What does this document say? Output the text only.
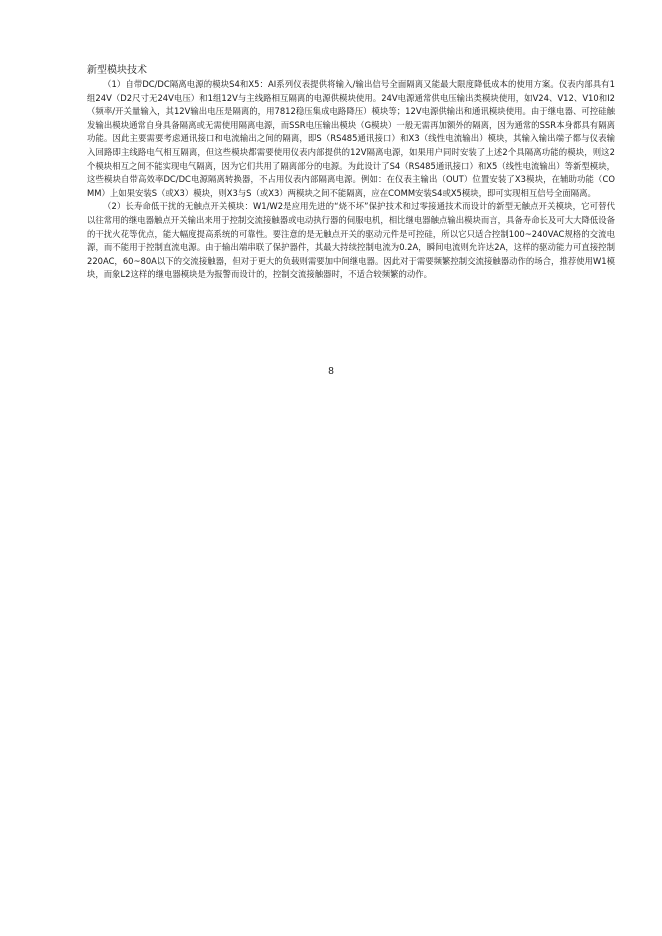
新型模块技术

（1）自带DC/DC隔离电源的模块S4和X5：AI系列仪表提供将输入/输出信号全面隔离又能最大限度降低成本的使用方案。仪表内部具有1组24V（D2尺寸无24V电压）和1组12V与主线路相互隔离的电源供模块使用。24V电源通常供电压输出类模块使用，如V24、V12、V10和I2（频率/开关量输入，其12V输出电压是隔离的，用7812稳压集成电路降压）模块等；12V电源供输出和通讯模块使用。由于继电器、可控硅触发输出模块通常自身具备隔离或无需使用隔离电源，而SSR电压输出模块（G模块）一般无需再加额外的隔离，因为通常的SSR本身都具有隔离功能。因此主要需要考虑通讯接口和电流输出之间的隔离，即S（RS485通讯接口）和X3（线性电流输出）模块，其输入输出端子都与仪表输入回路即主线路电气相互隔离，但这些模块都需要使用仪表内部提供的12V隔离电源，如果用户同时安装了上述2个具隔离功能的模块，则这2个模块相互之间不能实现电气隔离，因为它们共用了隔离部分的电源。为此设计了S4（RS485通讯接口）和X5（线性电流输出）等新型模块，这些模块自带高效率DC/DC电源隔离转换器，不占用仪表内部隔离电源。例如：在仪表主输出（OUT）位置安装了X3模块，在辅助功能（COMM）上如果安装S（或X3）模块，则X3与S（或X3）两模块之间不能隔离，应在COMM安装S4或X5模块，即可实现相互信号全面隔离。

（2）长寿命低干扰的无触点开关模块：W1/W2是应用先进的“烧不坏”保护技术和过零接通技术而设计的新型无触点开关模块，它可替代以往常用的继电器触点开关输出来用于控制交流接触器或电动执行器的伺服电机，相比继电器触点输出模块而言，具备寿命长及可大大降低设备的干扰火花等优点，能大幅度提高系统的可靠性。要注意的是无触点开关的驱动元件是可控硅，所以它只适合控制100~240VAC规格的交流电源，而不能用于控制直流电源。由于输出端串联了保护器件，其最大持续控制电流为0.2A，瞬间电流则允许达2A，这样的驱动能力可直接控制220AC，60~80A以下的交流接触器，但对于更大的负载则需要加中间继电器。因此对于需要频繁控制交流接触器动作的场合，推荐使用W1模块，而象L2这样的继电器模块是为报警而设计的，控制交流接触器时，不适合较频繁的动作。

8
